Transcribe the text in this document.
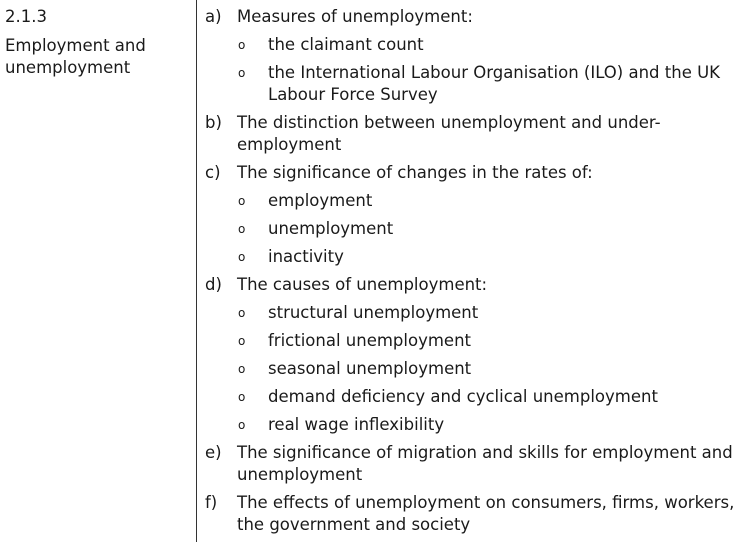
2.1.3
Employment and unemployment
a) Measures of unemployment:
o the claimant count
o the International Labour Organisation (ILO) and the UK Labour Force Survey
b) The distinction between unemployment and under-employment
c) The significance of changes in the rates of:
o employment
o unemployment
o inactivity
d) The causes of unemployment:
o structural unemployment
o frictional unemployment
o seasonal unemployment
o demand deficiency and cyclical unemployment
o real wage inflexibility
e) The significance of migration and skills for employment and unemployment
f) The effects of unemployment on consumers, firms, workers, the government and society
